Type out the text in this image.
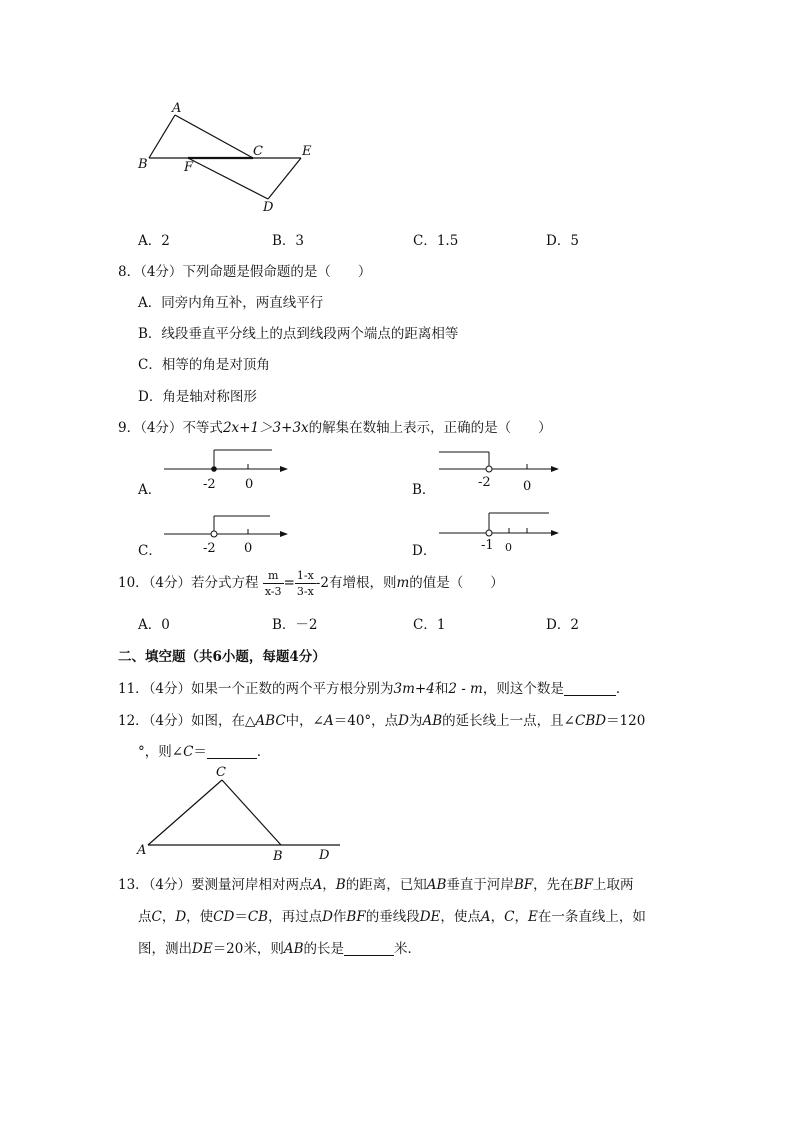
A
B
C	E
F
D
A．2	B．3	C．1.5	D．5
8．（4分）下列命题是假命题的是（　　）
A．同旁内角互补，两直线平行
B．线段垂直平分线上的点到线段两个端点的距离相等
C．相等的角是对顶角
D．角是轴对称图形
9．（4分）不等式2x+1＞3+3x的解集在数轴上表示，正确的是（　　）
A．	-2 0	B．	-2 0
C．	-2 0	D．	-1 0
10．（4分）若分式方程 $\frac{m}{x-3} = \frac{1-x}{3-x} -2$有增根，则m的值是（　　）
A．0	B．－2	C．1	D．2
二、填空题（共6小题，每题4分）
11．（4分）如果一个正数的两个平方根分别为3m+4和2 - m，则这个数是	．
12．（4分）如图，在△ABC中，∠A＝40°，点D为AB的延长线上一点，且∠CBD＝120
°，则∠C＝	．
C
A	B	D
13．（4分）要测量河岸相对两点A，B的距离，已知AB垂直于河岸BF，先在BF上取两
点C，D，使CD＝CB，再过点D作BF的垂线段DE，使点A，C，E在一条直线上，如
图，测出DE＝20米，则AB的长是	米．
